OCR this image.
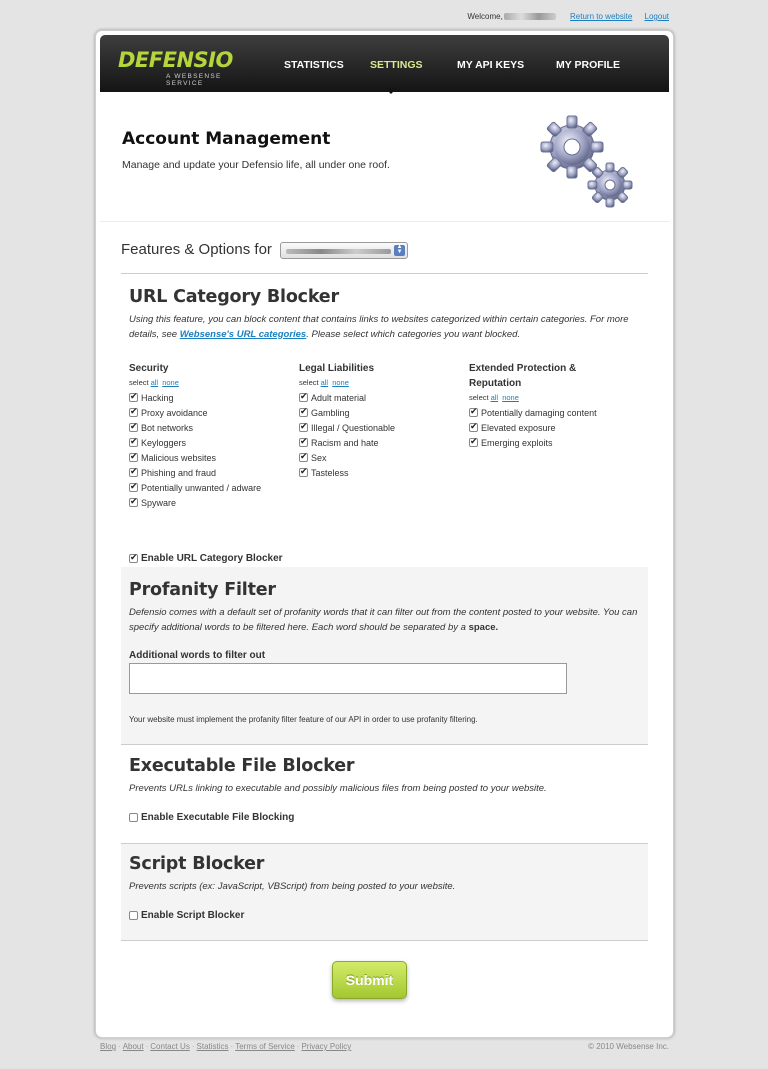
Welcome,	Return to website Logout
DEFENSIO
A WEBSENSE SERVICE
STATISTICS	SETTINGS	MY API KEYS	MY PROFILE
Account Management

Manage and update your Defensio life, all under one roof.

Features & Options for	▲
▼
URL Category Blocker

Using this feature, you can block content that contains links to websites categorized within certain categories. For more details, see Websense's URL categories. Please select which categories you want blocked.

Security
select all none
✔
Hacking
✔
Proxy avoidance
✔
Bot networks
✔
Keyloggers
✔
Malicious websites
✔
Phishing and fraud
✔
Potentially unwanted / adware
✔
Spyware
Legal Liabilities
select all none
✔
Adult material
✔
Gambling
✔
Illegal / Questionable
✔
Racism and hate
✔
Sex
✔
Tasteless
Extended Protection &
Reputation
select all none
✔
Potentially damaging content
✔
Elevated exposure
✔
Emerging exploits
✔
Enable URL Category Blocker
Profanity Filter

Defensio comes with a default set of profanity words that it can filter out from the content posted to your website. You can specify additional words to be filtered here. Each word should be separated by a space.

Additional words to filter out
Your website must implement the profanity filter feature of our API in order to use profanity filtering.
Executable File Blocker

Prevents URLs linking to executable and possibly malicious files from being posted to your website.

Enable Executable File Blocking
Script Blocker

Prevents scripts (ex: JavaScript, VBScript) from being posted to your website.

Enable Script Blocker
Submit
Blog · About · Contact Us · Statistics · Terms of Service · Privacy Policy	© 2010 Websense Inc.
